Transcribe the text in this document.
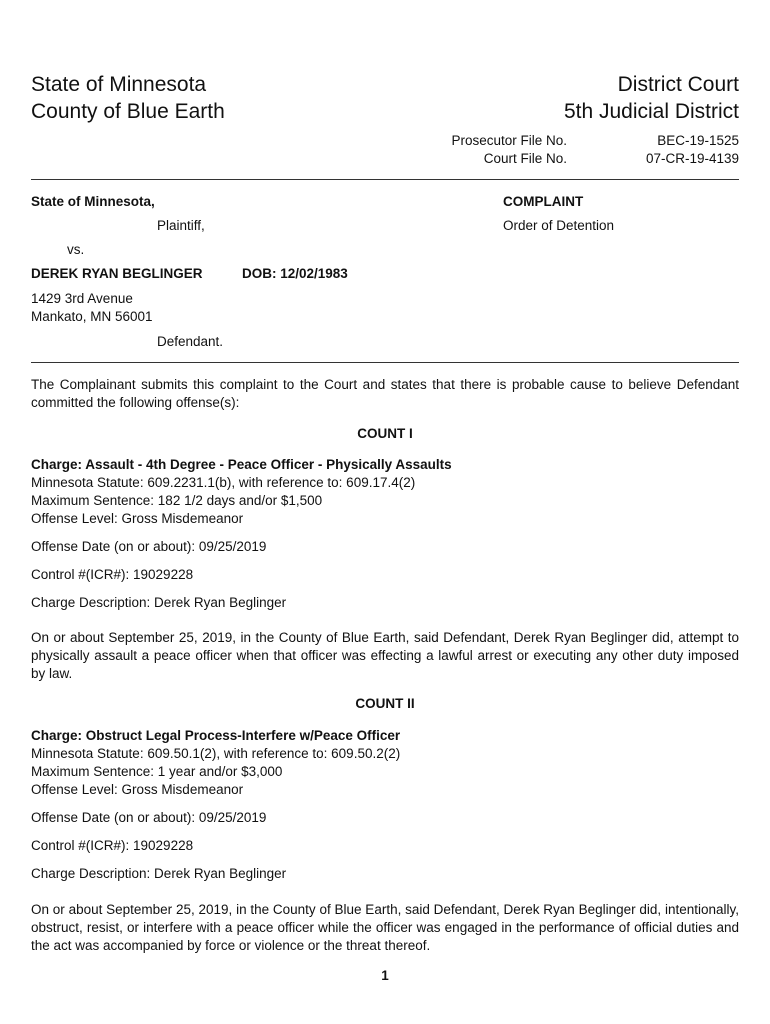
State of Minnesota
County of Blue Earth
District Court
5th Judicial District
Prosecutor File No.
Court File No.
BEC-19-1525
07-CR-19-4139
State of Minnesota,
Plaintiff,
vs.
DEREK RYAN BEGLINGER	DOB: 12/02/1983
1429 3rd Avenue
Mankato, MN 56001
Defendant.
COMPLAINT
Order of Detention
The Complainant submits this complaint to the Court and states that there is probable cause to believe Defendant committed the following offense(s):
COUNT I
Charge: Assault - 4th Degree - Peace Officer - Physically Assaults
Minnesota Statute: 609.2231.1(b), with reference to: 609.17.4(2)
Maximum Sentence: 182 1/2 days and/or $1,500
Offense Level: Gross Misdemeanor
Offense Date (on or about): 09/25/2019
Control #(ICR#): 19029228
Charge Description: Derek Ryan Beglinger
On or about September 25, 2019, in the County of Blue Earth, said Defendant, Derek Ryan Beglinger did, attempt to physically assault a peace officer when that officer was effecting a lawful arrest or executing any other duty imposed by law.
COUNT II
Charge: Obstruct Legal Process-Interfere w/Peace Officer
Minnesota Statute: 609.50.1(2), with reference to: 609.50.2(2)
Maximum Sentence: 1 year and/or $3,000
Offense Level: Gross Misdemeanor
Offense Date (on or about): 09/25/2019
Control #(ICR#): 19029228
Charge Description: Derek Ryan Beglinger
On or about September 25, 2019, in the County of Blue Earth, said Defendant, Derek Ryan Beglinger did, intentionally, obstruct, resist, or interfere with a peace officer while the officer was engaged in the performance of official duties and the act was accompanied by force or violence or the threat thereof.
1
